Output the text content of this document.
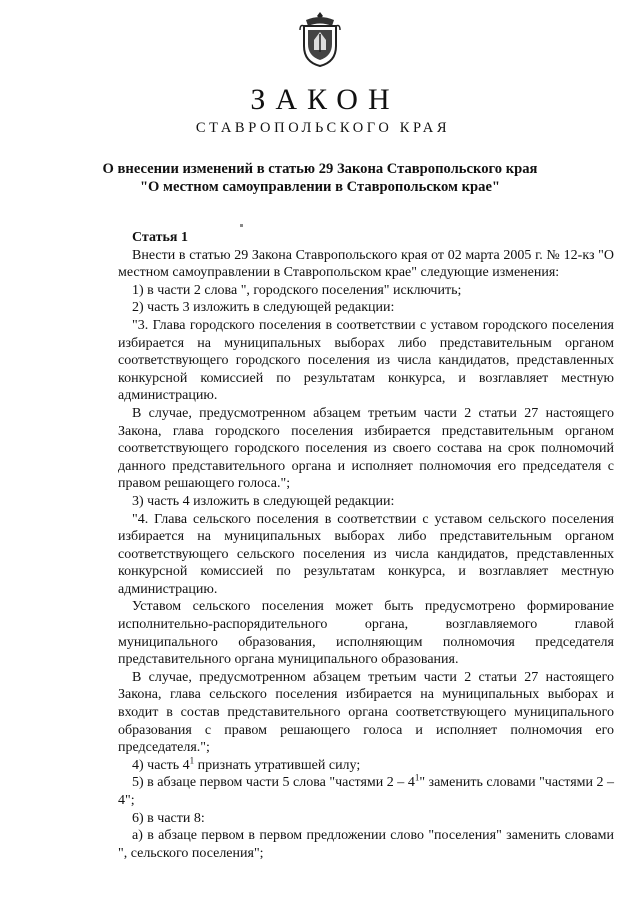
ЗАКОН
СТАВРОПОЛЬСКОГО КРАЯ
О внесении изменений в статью 29 Закона Ставропольского края
"О местном самоуправлении в Ставропольском крае"

Статья 1

Внести в статью 29 Закона Ставропольского края от 02 марта 2005 г. № 12-кз "О местном самоуправлении в Ставропольском крае" следующие изменения:

1) в части 2 слова ", городского поселения" исключить;

2) часть 3 изложить в следующей редакции:

"3. Глава городского поселения в соответствии с уставом городского поселения избирается на муниципальных выборах либо представительным органом соответствующего городского поселения из числа кандидатов, представленных конкурсной комиссией по результатам конкурса, и возглавляет местную администрацию.

В случае, предусмотренном абзацем третьим части 2 статьи 27 настоящего Закона, глава городского поселения избирается представительным органом соответствующего городского поселения из своего состава на срок полномочий данного представительного органа и исполняет полномочия его председателя с правом решающего голоса.";

3) часть 4 изложить в следующей редакции:

"4. Глава сельского поселения в соответствии с уставом сельского поселения избирается на муниципальных выборах либо представительным органом соответствующего сельского поселения из числа кандидатов, представленных конкурсной комиссией по результатам конкурса, и возглавляет местную администрацию.

Уставом сельского поселения может быть предусмотрено формирование исполнительно-распорядительного органа, возглавляемого главой муниципального образования, исполняющим полномочия председателя представительного органа муниципального образования.

В случае, предусмотренном абзацем третьим части 2 статьи 27 настоящего Закона, глава сельского поселения избирается на муниципальных выборах и входит в состав представительного органа соответствующего муниципального образования с правом решающего голоса и исполняет полномочия его председателя.";

4) часть $4^1$ признать утратившей силу;

5) в абзаце первом части 5 слова "частями $2 - 4^1$" заменить словами "частями 2 – 4";

6) в части 8:

а) в абзаце первом в первом предложении слово "поселения" заменить словами ", сельского поселения";
